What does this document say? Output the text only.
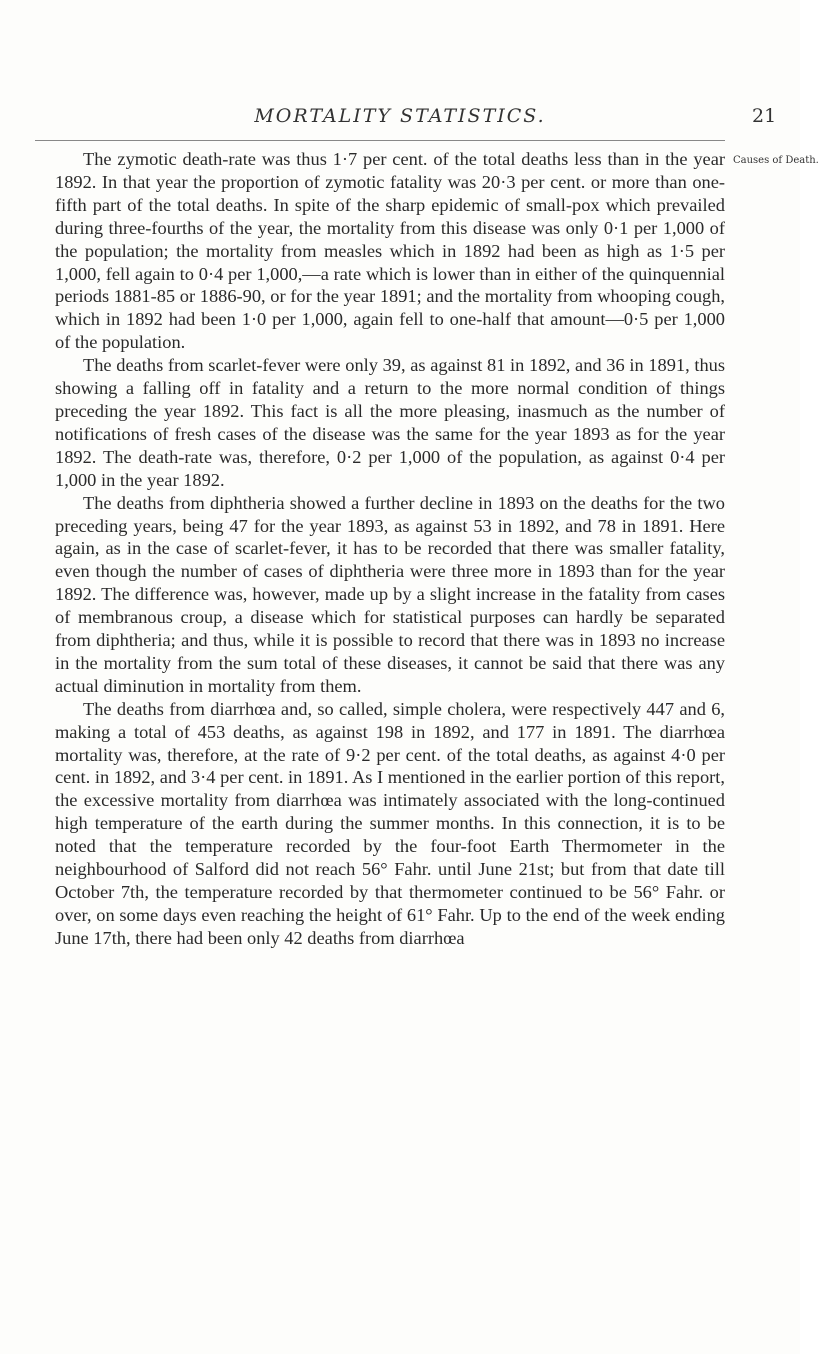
MORTALITY STATISTICS.	21
Causes of Death.

The zymotic death-rate was thus 1·7 per cent. of the total deaths less than in the year 1892. In that year the proportion of zymotic fatality was 20·3 per cent. or more than one-fifth part of the total deaths. In spite of the sharp epidemic of small-pox which prevailed during three-fourths of the year, the mortality from this disease was only 0·1 per 1,000 of the population; the mortality from measles which in 1892 had been as high as 1·5 per 1,000, fell again to 0·4 per 1,000,—a rate which is lower than in either of the quinquennial periods 1881-85 or 1886-90, or for the year 1891; and the mortality from whooping cough, which in 1892 had been 1·0 per 1,000, again fell to one-half that amount—0·5 per 1,000 of the population.

The deaths from scarlet-fever were only 39, as against 81 in 1892, and 36 in 1891, thus showing a falling off in fatality and a return to the more normal condition of things preceding the year 1892. This fact is all the more pleasing, inasmuch as the number of notifications of fresh cases of the disease was the same for the year 1893 as for the year 1892. The death-rate was, therefore, 0·2 per 1,000 of the population, as against 0·4 per 1,000 in the year 1892.

The deaths from diphtheria showed a further decline in 1893 on the deaths for the two preceding years, being 47 for the year 1893, as against 53 in 1892, and 78 in 1891. Here again, as in the case of scarlet-fever, it has to be recorded that there was smaller fatality, even though the number of cases of diphtheria were three more in 1893 than for the year 1892. The difference was, however, made up by a slight increase in the fatality from cases of membranous croup, a disease which for statistical purposes can hardly be separated from diphtheria; and thus, while it is possible to record that there was in 1893 no increase in the mortality from the sum total of these diseases, it cannot be said that there was any actual diminution in mortality from them.

The deaths from diarrhœa and, so called, simple cholera, were respectively 447 and 6, making a total of 453 deaths, as against 198 in 1892, and 177 in 1891. The diarrhœa mortality was, therefore, at the rate of 9·2 per cent. of the total deaths, as against 4·0 per cent. in 1892, and 3·4 per cent. in 1891. As I mentioned in the earlier portion of this report, the excessive mortality from diarrhœa was intimately associated with the long-continued high temperature of the earth during the summer months. In this connection, it is to be noted that the temperature recorded by the four-foot Earth Thermometer in the neighbourhood of Salford did not reach 56° Fahr. until June 21st; but from that date till October 7th, the temperature recorded by that thermometer continued to be 56° Fahr. or over, on some days even reaching the height of 61° Fahr. Up to the end of the week ending June 17th, there had been only 42 deaths from diarrhœa
